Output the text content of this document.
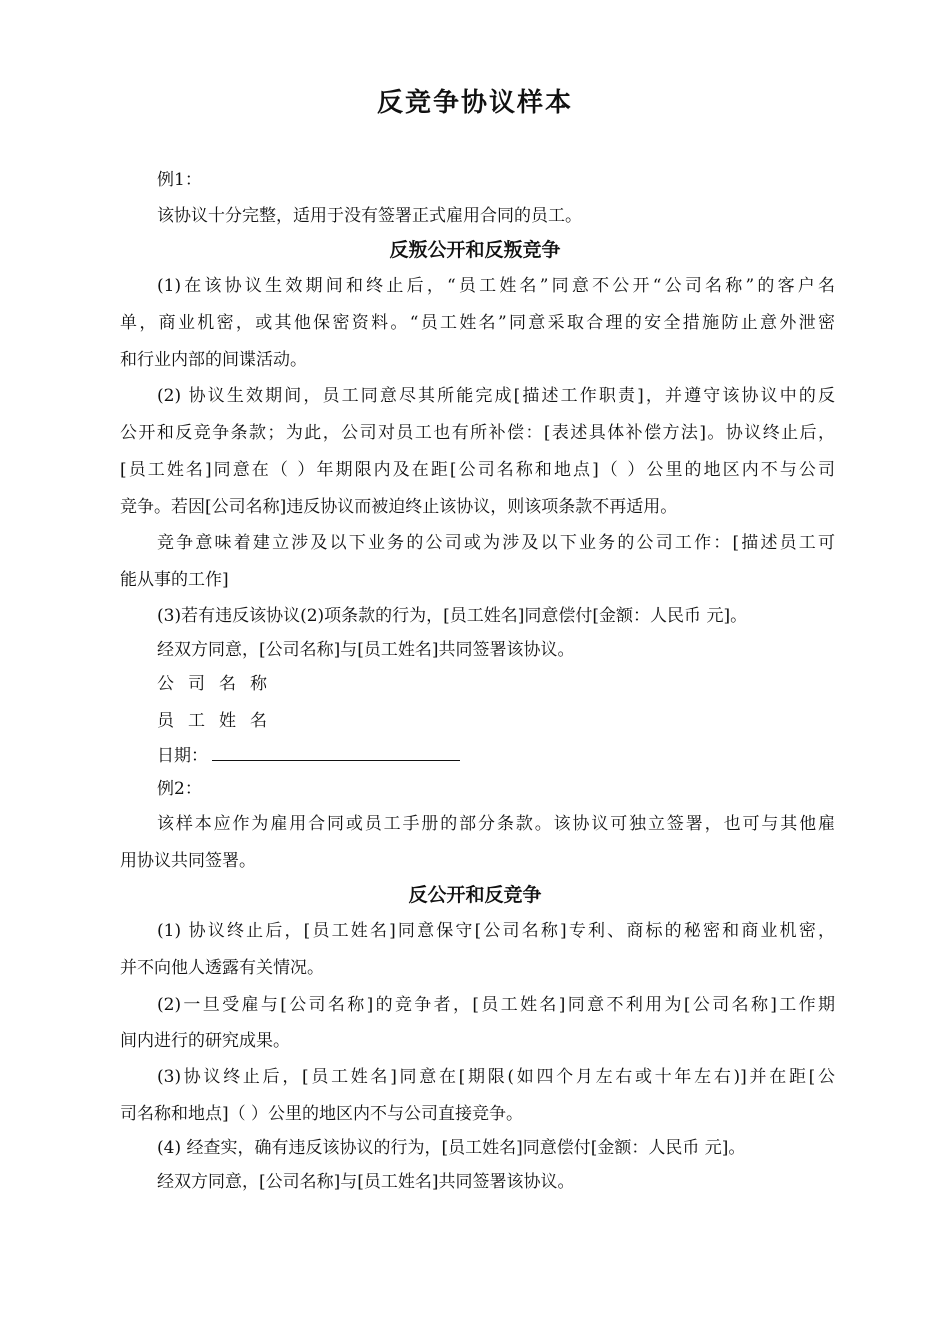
反竞争协议样本
例1：
该协议十分完整，适用于没有签署正式雇用合同的员工。
反叛公开和反叛竞争
(1)在该协议生效期间和终止后，“员工姓名”同意不公开“公司名称”的客户名
单，商业机密，或其他保密资料。“员工姓名”同意采取合理的安全措施防止意外泄密
和行业内部的间谍活动。
(2) 协议生效期间，员工同意尽其所能完成[描述工作职责]，并遵守该协议中的反
公开和反竞争条款；为此，公司对员工也有所补偿：[表述具体补偿方法]。协议终止后，
[员工姓名]同意在（ ）年期限内及在距[公司名称和地点]（ ）公里的地区内不与公司
竞争。若因[公司名称]违反协议而被迫终止该协议，则该项条款不再适用。
竞争意味着建立涉及以下业务的公司或为涉及以下业务的公司工作：[描述员工可
能从事的工作]
(3)若有违反该协议(2)项条款的行为，[员工姓名]同意偿付[金额：人民币 元]。
经双方同意，[公司名称]与[员工姓名]共同签署该协议。
公司名称
员工姓名
日期：
例2：
该样本应作为雇用合同或员工手册的部分条款。该协议可独立签署，也可与其他雇
用协议共同签署。
反公开和反竞争
(1) 协议终止后，[员工姓名]同意保守[公司名称]专利、商标的秘密和商业机密，
并不向他人透露有关情况。
(2)一旦受雇与[公司名称]的竞争者，[员工姓名]同意不利用为[公司名称]工作期
间内进行的研究成果。
(3)协议终止后，[员工姓名]同意在[期限(如四个月左右或十年左右)]并在距[公
司名称和地点]（ ）公里的地区内不与公司直接竞争。
(4) 经查实，确有违反该协议的行为，[员工姓名]同意偿付[金额：人民币 元]。
经双方同意，[公司名称]与[员工姓名]共同签署该协议。
